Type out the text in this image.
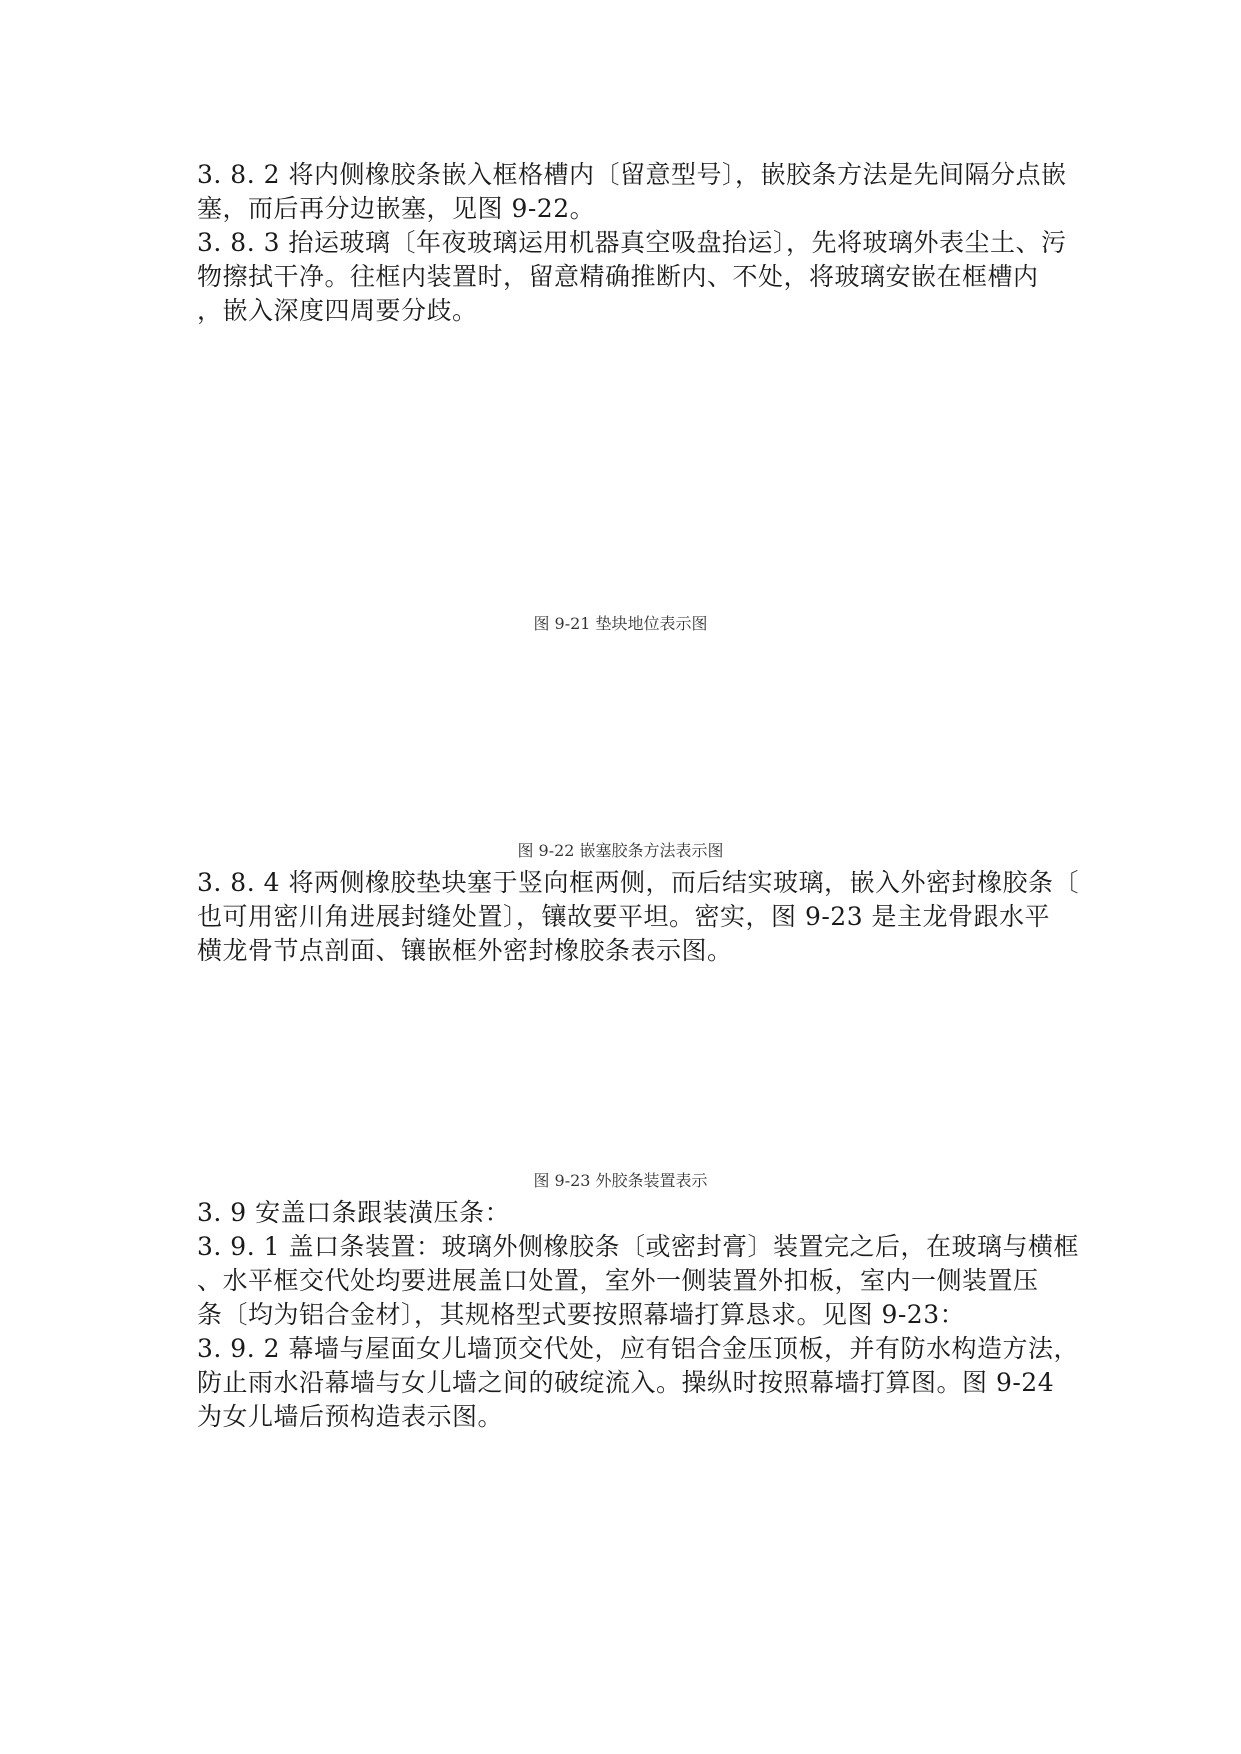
3. 8. 2 将内侧橡胶条嵌入框格槽内〔留意型号〕，嵌胶条方法是先间隔分点嵌
塞，而后再分边嵌塞，见图 9-22。
3. 8. 3 抬运玻璃〔年夜玻璃运用机器真空吸盘抬运〕，先将玻璃外表尘土、污
物擦拭干净。往框内装置时，留意精确推断内、不处，将玻璃安嵌在框槽内
，嵌入深度四周要分歧。
图 9-21 垫块地位表示图
图 9-22 嵌塞胶条方法表示图
3. 8. 4 将两侧橡胶垫块塞于竖向框两侧，而后结实玻璃，嵌入外密封橡胶条〔
也可用密川角进展封缝处置〕，镶故要平坦。密实，图 9-23 是主龙骨跟水平
横龙骨节点剖面、镶嵌框外密封橡胶条表示图。
图 9-23 外胶条装置表示
3. 9 安盖口条跟装潢压条：
3. 9. 1 盖口条装置：玻璃外侧橡胶条〔或密封膏〕装置完之后，在玻璃与横框
、水平框交代处均要进展盖口处置，室外一侧装置外扣板，室内一侧装置压
条〔均为铝合金材〕，其规格型式要按照幕墙打算恳求。见图 9-23：
3. 9. 2 幕墙与屋面女儿墙顶交代处，应有铝合金压顶板，并有防水构造方法，
防止雨水沿幕墙与女儿墙之间的破绽流入。操纵时按照幕墙打算图。图 9-24
为女儿墙后预构造表示图。
